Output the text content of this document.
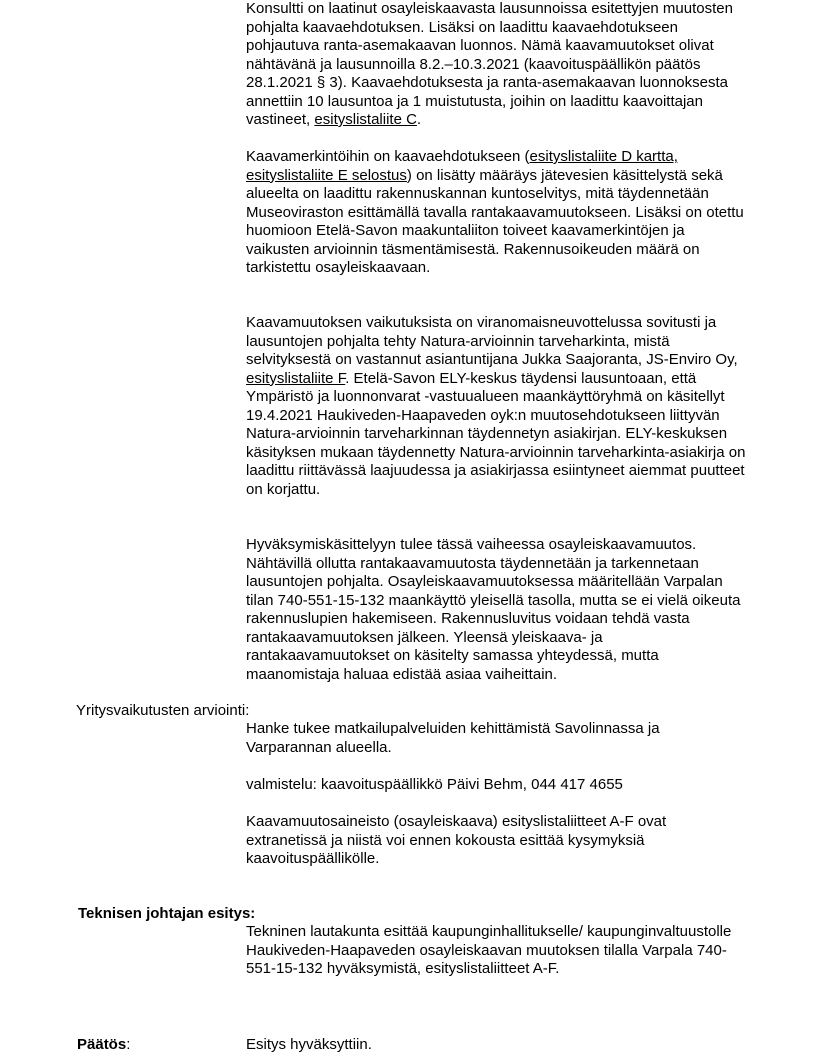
Konsultti on laatinut osayleiskaavasta lausunnoissa esitettyjen muutosten pohjalta kaavaehdotuksen. Lisäksi on laadittu kaavaehdotukseen pohjautuva ranta-asemakaavan luonnos. Nämä kaavamuutokset olivat nähtävänä ja lausunnoilla 8.2.–10.3.2021 (kaavoituspäällikön päätös 28.1.2021 § 3). Kaavaehdotuksesta ja ranta-asemakaavan luonnoksesta annettiin 10 lausuntoa ja 1 muistutusta, joihin on laadittu kaavoittajan vastineet, esityslistaliite C.

Kaavamerkintöihin on kaavaehdotukseen (esityslistaliite D kartta, esityslistaliite E selostus) on lisätty määräys jätevesien käsittelystä sekä alueelta on laadittu rakennuskannan kuntoselvitys, mitä täydennetään Museoviraston esittämällä tavalla rantakaavamuutokseen. Lisäksi on otettu huomioon Etelä-Savon maakuntaliiton toiveet kaavamerkintöjen ja vaikusten arvioinnin täsmentämisestä. Rakennusoikeuden määrä on tarkistettu osayleiskaavaan.

Kaavamuutoksen vaikutuksista on viranomaisneuvottelussa sovitusti ja lausuntojen pohjalta tehty Natura-arvioinnin tarveharkinta, mistä selvityksestä on vastannut asiantuntijana Jukka Saajoranta, JS-Enviro Oy, esityslistaliite F. Etelä-Savon ELY-keskus täydensi lausuntoaan, että Ympäristö ja luonnonvarat -vastuualueen maankäyttöryhmä on käsitellyt 19.4.2021 Haukiveden-Haapaveden oyk:n muutosehdotukseen liittyvän Natura-arvioinnin tarveharkinnan täydennetyn asiakirjan. ELY-keskuksen käsityksen mukaan täydennetty Natura-arvioinnin tarveharkinta-asiakirja on laadittu riittävässä laajuudessa ja asiakirjassa esiintyneet aiemmat puutteet on korjattu.

Hyväksymiskäsittelyyn tulee tässä vaiheessa osayleiskaavamuutos. Nähtävillä ollutta rantakaavamuutosta täydennetään ja tarkennetaan lausuntojen pohjalta. Osayleiskaavamuutoksessa määritellään Varpalan tilan 740-551-15-132 maankäyttö yleisellä tasolla, mutta se ei vielä oikeuta rakennuslupien hakemiseen. Rakennusluvitus voidaan tehdä vasta rantakaavamuutoksen jälkeen. Yleensä yleiskaava- ja rantakaavamuutokset on käsitelty samassa yhteydessä, mutta maanomistaja haluaa edistää asiaa vaiheittain.

Yritysvaikutusten arviointi:

Hanke tukee matkailupalveluiden kehittämistä Savolinnassa ja Varparannan alueella.

valmistelu: kaavoituspäällikkö Päivi Behm, 044 417 4655

Kaavamuutosaineisto (osayleiskaava) esityslistaliitteet A-F ovat extranetissä ja niistä voi ennen kokousta esittää kysymyksiä kaavoituspäällikölle.

Teknisen johtajan esitys:

Tekninen lautakunta esittää kaupunginhallitukselle/ kaupunginvaltuustolle Haukiveden-Haapaveden osayleiskaavan muutoksen tilalla Varpala 740-551-15-132 hyväksymistä, esityslistaliitteet A-F.

Päätös:	Esitys hyväksyttiin.
